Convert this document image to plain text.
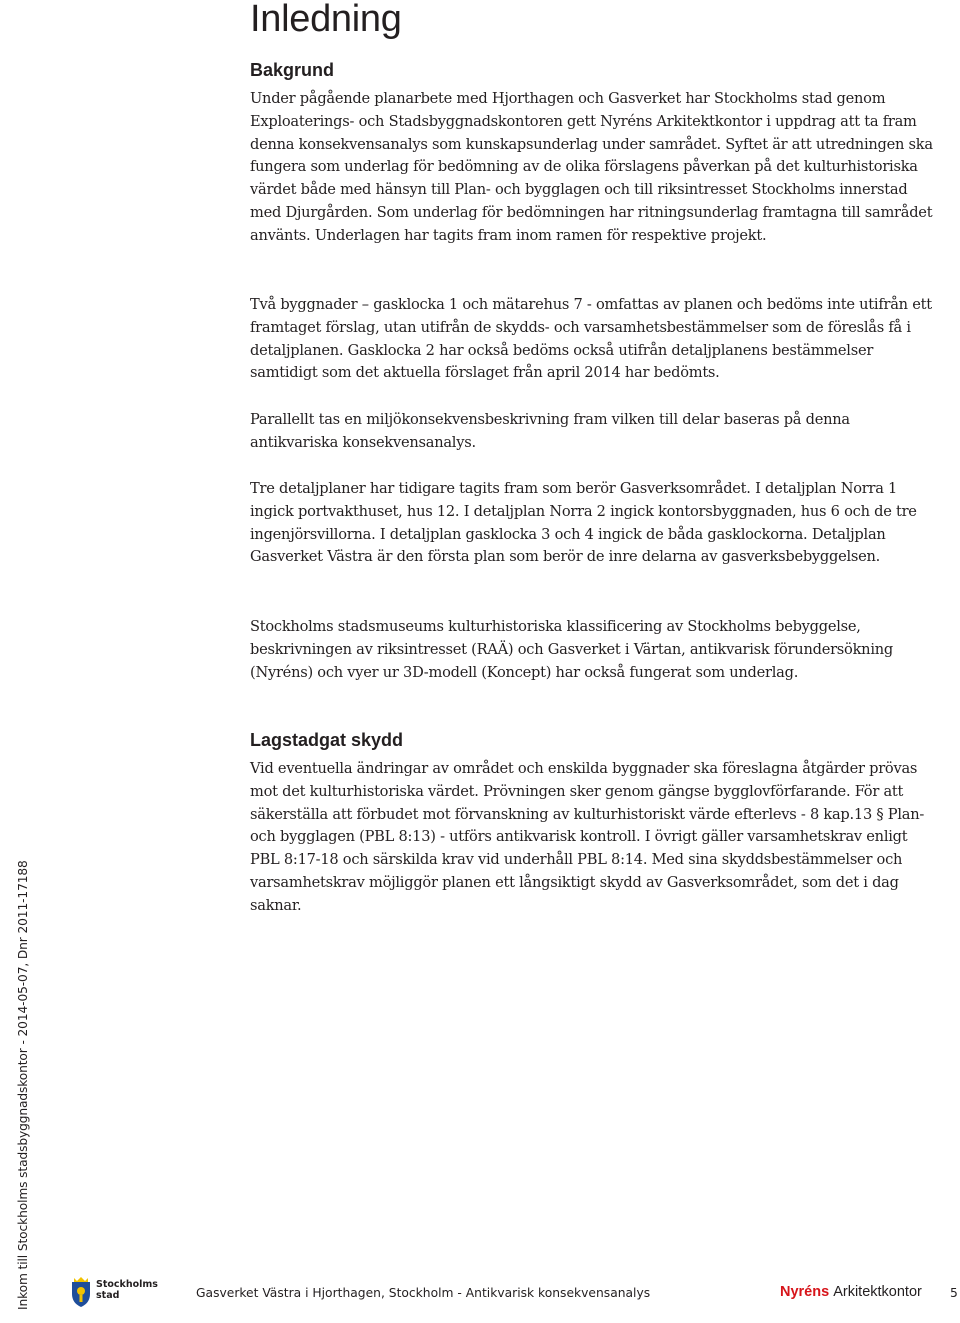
Inledning
Bakgrund

Under pågående planarbete med Hjorthagen och Gasverket har Stockholms stad genom Exploaterings- och Stadsbyggnadskontoren gett Nyréns Arkitektkontor i uppdrag att ta fram denna konsekvensanalys som kunskapsunderlag under samrådet. Syftet är att utredningen ska fungera som underlag för bedömning av de olika förslagens påverkan på det kulturhistoriska värdet både med hänsyn till Plan- och bygglagen och till riksintresset Stockholms innerstad med Djurgården. Som underlag för bedömningen har ritningsunderlag framtagna till samrådet använts. Underlagen har tagits fram inom ramen för respektive projekt.

Två byggnader – gasklocka 1 och mätarehus 7 - omfattas av planen och bedöms inte utifrån ett framtaget förslag, utan utifrån de skydds- och varsamhetsbestämmelser som de föreslås få i detaljplanen. Gasklocka 2 har också bedöms också utifrån detaljplanens bestämmelser samtidigt som det aktuella förslaget från april 2014 har bedömts.

Parallellt tas en miljökonsekvensbeskrivning fram vilken till delar baseras på denna antikvariska konsekvensanalys.

Tre detaljplaner har tidigare tagits fram som berör Gasverksområdet. I detaljplan Norra 1 ingick portvakthuset, hus 12. I detaljplan Norra 2 ingick kontorsbyggnaden, hus 6 och de tre ingenjörsvillorna. I detaljplan gasklocka 3 och 4 ingick de båda gasklockorna. Detaljplan Gasverket Västra är den första plan som berör de inre delarna av gasverksbebyggelsen.

Stockholms stadsmuseums kulturhistoriska klassificering av Stockholms bebyggelse, beskrivningen av riksintresset (RAÄ) och Gasverket i Värtan, antikvarisk förundersökning (Nyréns) och vyer ur 3D-modell (Koncept) har också fungerat som underlag.

Lagstadgat skydd

Vid eventuella ändringar av området och enskilda byggnader ska föreslagna åtgärder prövas mot det kulturhistoriska värdet. Prövningen sker genom gängse bygglovförfarande. För att säkerställa att förbudet mot förvanskning av kulturhistoriskt värde efterlevs - 8 kap.13 § Plan- och bygglagen (PBL 8:13) - utförs antikvarisk kontroll. I övrigt gäller varsamhetskrav enligt PBL 8:17-18 och särskilda krav vid underhåll PBL 8:14. Med sina skyddsbestämmelser och varsamhetskrav möjliggör planen ett långsiktigt skydd av Gasverksområdet, som det i dag saknar.

Inkom till Stockholms stadsbyggnadskontor - 2014-05-07, Dnr 2011-17188	Stockholms
stad	Gasverket Västra i Hjorthagen, Stockholm - Antikvarisk konsekvensanalys	Nyréns Arkitektkontor 5
